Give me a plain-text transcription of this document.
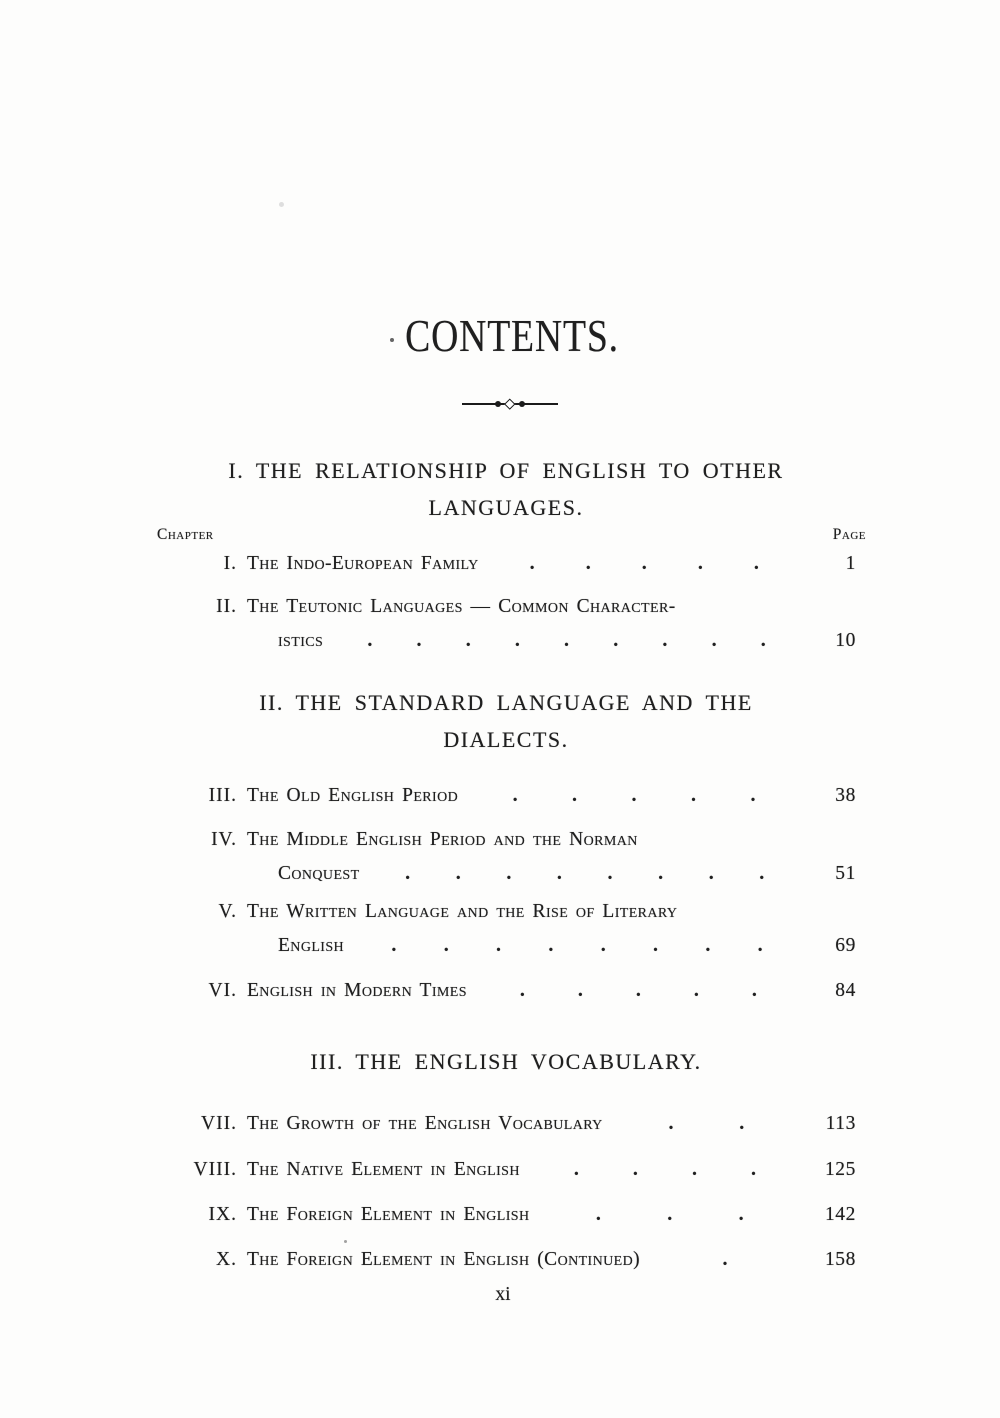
CONTENTS.
I. THE RELATIONSHIP OF ENGLISH TO OTHER
LANGUAGES.
Chapter	Page
I. The Indo-European Family	.	.	.	.	.	1
II. The Teutonic Languages — Common Character-
istics . . . . . . . . .	10
II. THE STANDARD LANGUAGE AND THE
DIALECTS.
III. The Old English Period	.	.	.	.	.	38
IV. The Middle English Period and the Norman
Conquest . . . . . . . .	51
V. The Written Language and the Rise of Literary
English . . . . . . . .	69
VI. English in Modern Times	.	.	.	.	.	84
III. THE ENGLISH VOCABULARY.
VII. The Growth of the English Vocabulary	.	.	113
VIII. The Native Element in English	.	.	.	.	125
IX. The Foreign Element in English	.	.	.	142
X. The Foreign Element in English (Continued)	.	158
xi
